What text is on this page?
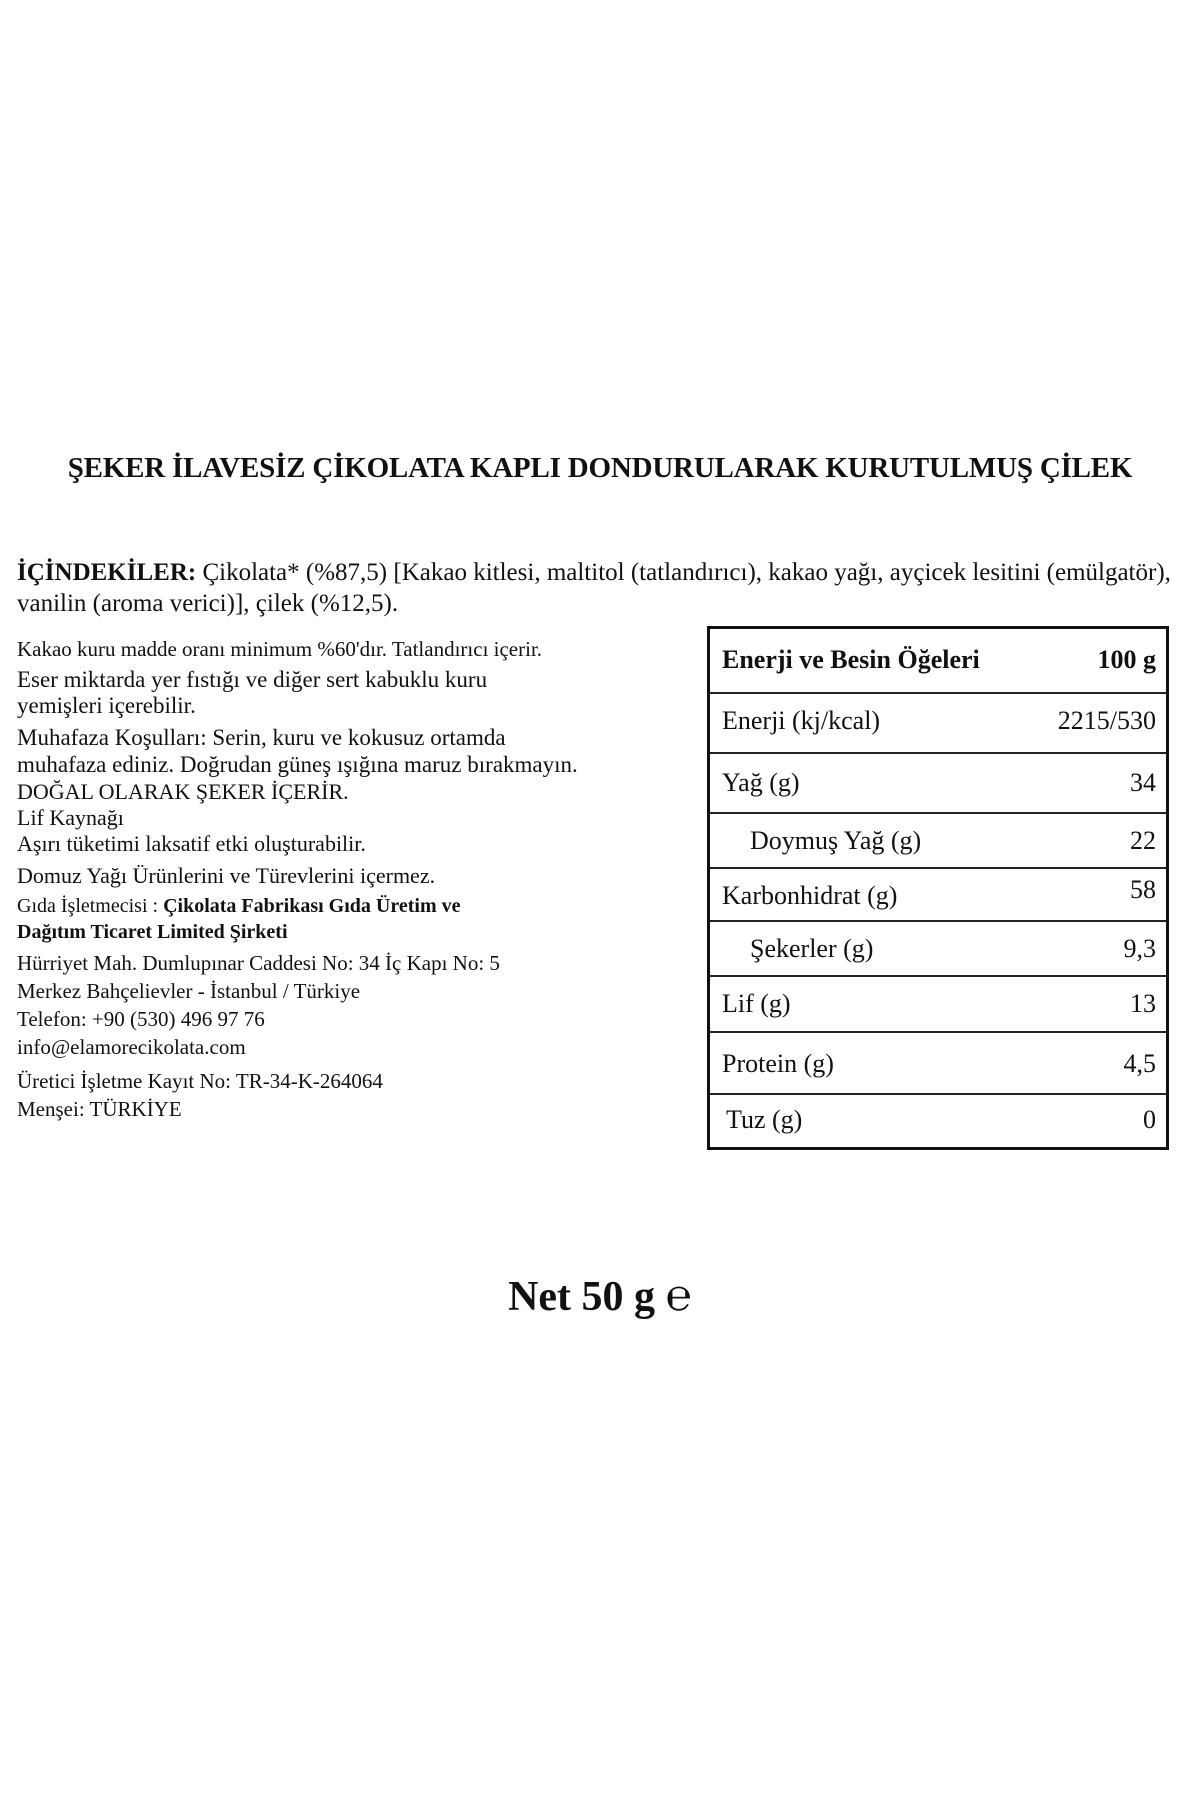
ŞEKER İLAVESİZ ÇİKOLATA KAPLI DONDURULARAK KURUTULMUŞ ÇİLEK
İÇİNDEKİLER: Çikolata* (%87,5) [Kakao kitlesi, maltitol (tatlandırıcı), kakao yağı, ayçicek lesitini (emülgatör), vanilin (aroma verici)], çilek (%12,5).
Kakao kuru madde oranı minimum %60'dır. Tatlandırıcı içerir.
Eser miktarda yer fıstığı ve diğer sert kabuklu kuru
yemişleri içerebilir.
Muhafaza Koşulları: Serin, kuru ve kokusuz ortamda
muhafaza ediniz. Doğrudan güneş ışığına maruz bırakmayın.
DOĞAL OLARAK ŞEKER İÇERİR.
Lif Kaynağı
Aşırı tüketimi laksatif etki oluşturabilir.
Domuz Yağı Ürünlerini ve Türevlerini içermez.
Gıda İşletmecisi : Çikolata Fabrikası Gıda Üretim ve
Dağıtım Ticaret Limited Şirketi
Hürriyet Mah. Dumlupınar Caddesi No: 34 İç Kapı No: 5
Merkez Bahçelievler - İstanbul / Türkiye
Telefon: +90 (530) 496 97 76
info@elamorecikolata.com
Üretici İşletme Kayıt No: TR-34-K-264064
Menşei: TÜRKİYE
Enerji ve Besin Öğeleri	100 g
Enerji (kj/kcal)	2215/530
Yağ (g)	34
Doymuş Yağ (g)	22
Karbonhidrat (g)	58
Şekerler (g)	9,3
Lif (g)	13
Protein (g)	4,5
Tuz (g)	0
Net 50 g ℮
